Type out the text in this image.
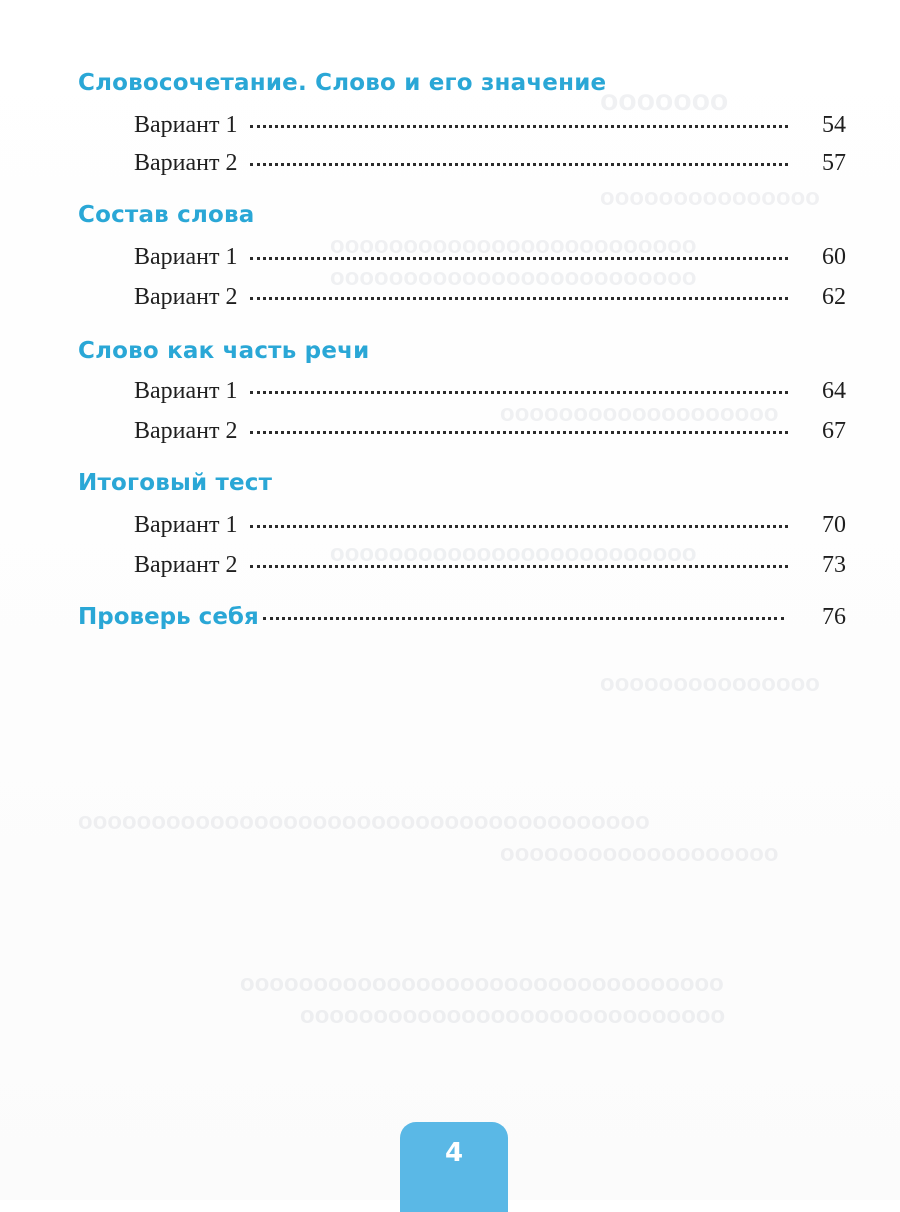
ооооооо
ооооооооооооооо
ооооооооооооооооооооооооо
ооооооооооооооооооооооооо
ооооооооооооооооооо
ооооооооооооооооооооооооо
ооооооооооооооо
ооооооооооооооооооооооооооооооооооооооо
ооооооооооооооооооо
ооооооооооооооооооооооооооооооооо
ооооооооооооооооооооооооооооо
Словосочетание. Слово и его значение
Вариант 1	54
Вариант 2	57
Состав слова
Вариант 1	60
Вариант 2	62
Слово как часть речи
Вариант 1	64
Вариант 2	67
Итоговый тест
Вариант 1	70
Вариант 2	73
Проверь себя	76
4
